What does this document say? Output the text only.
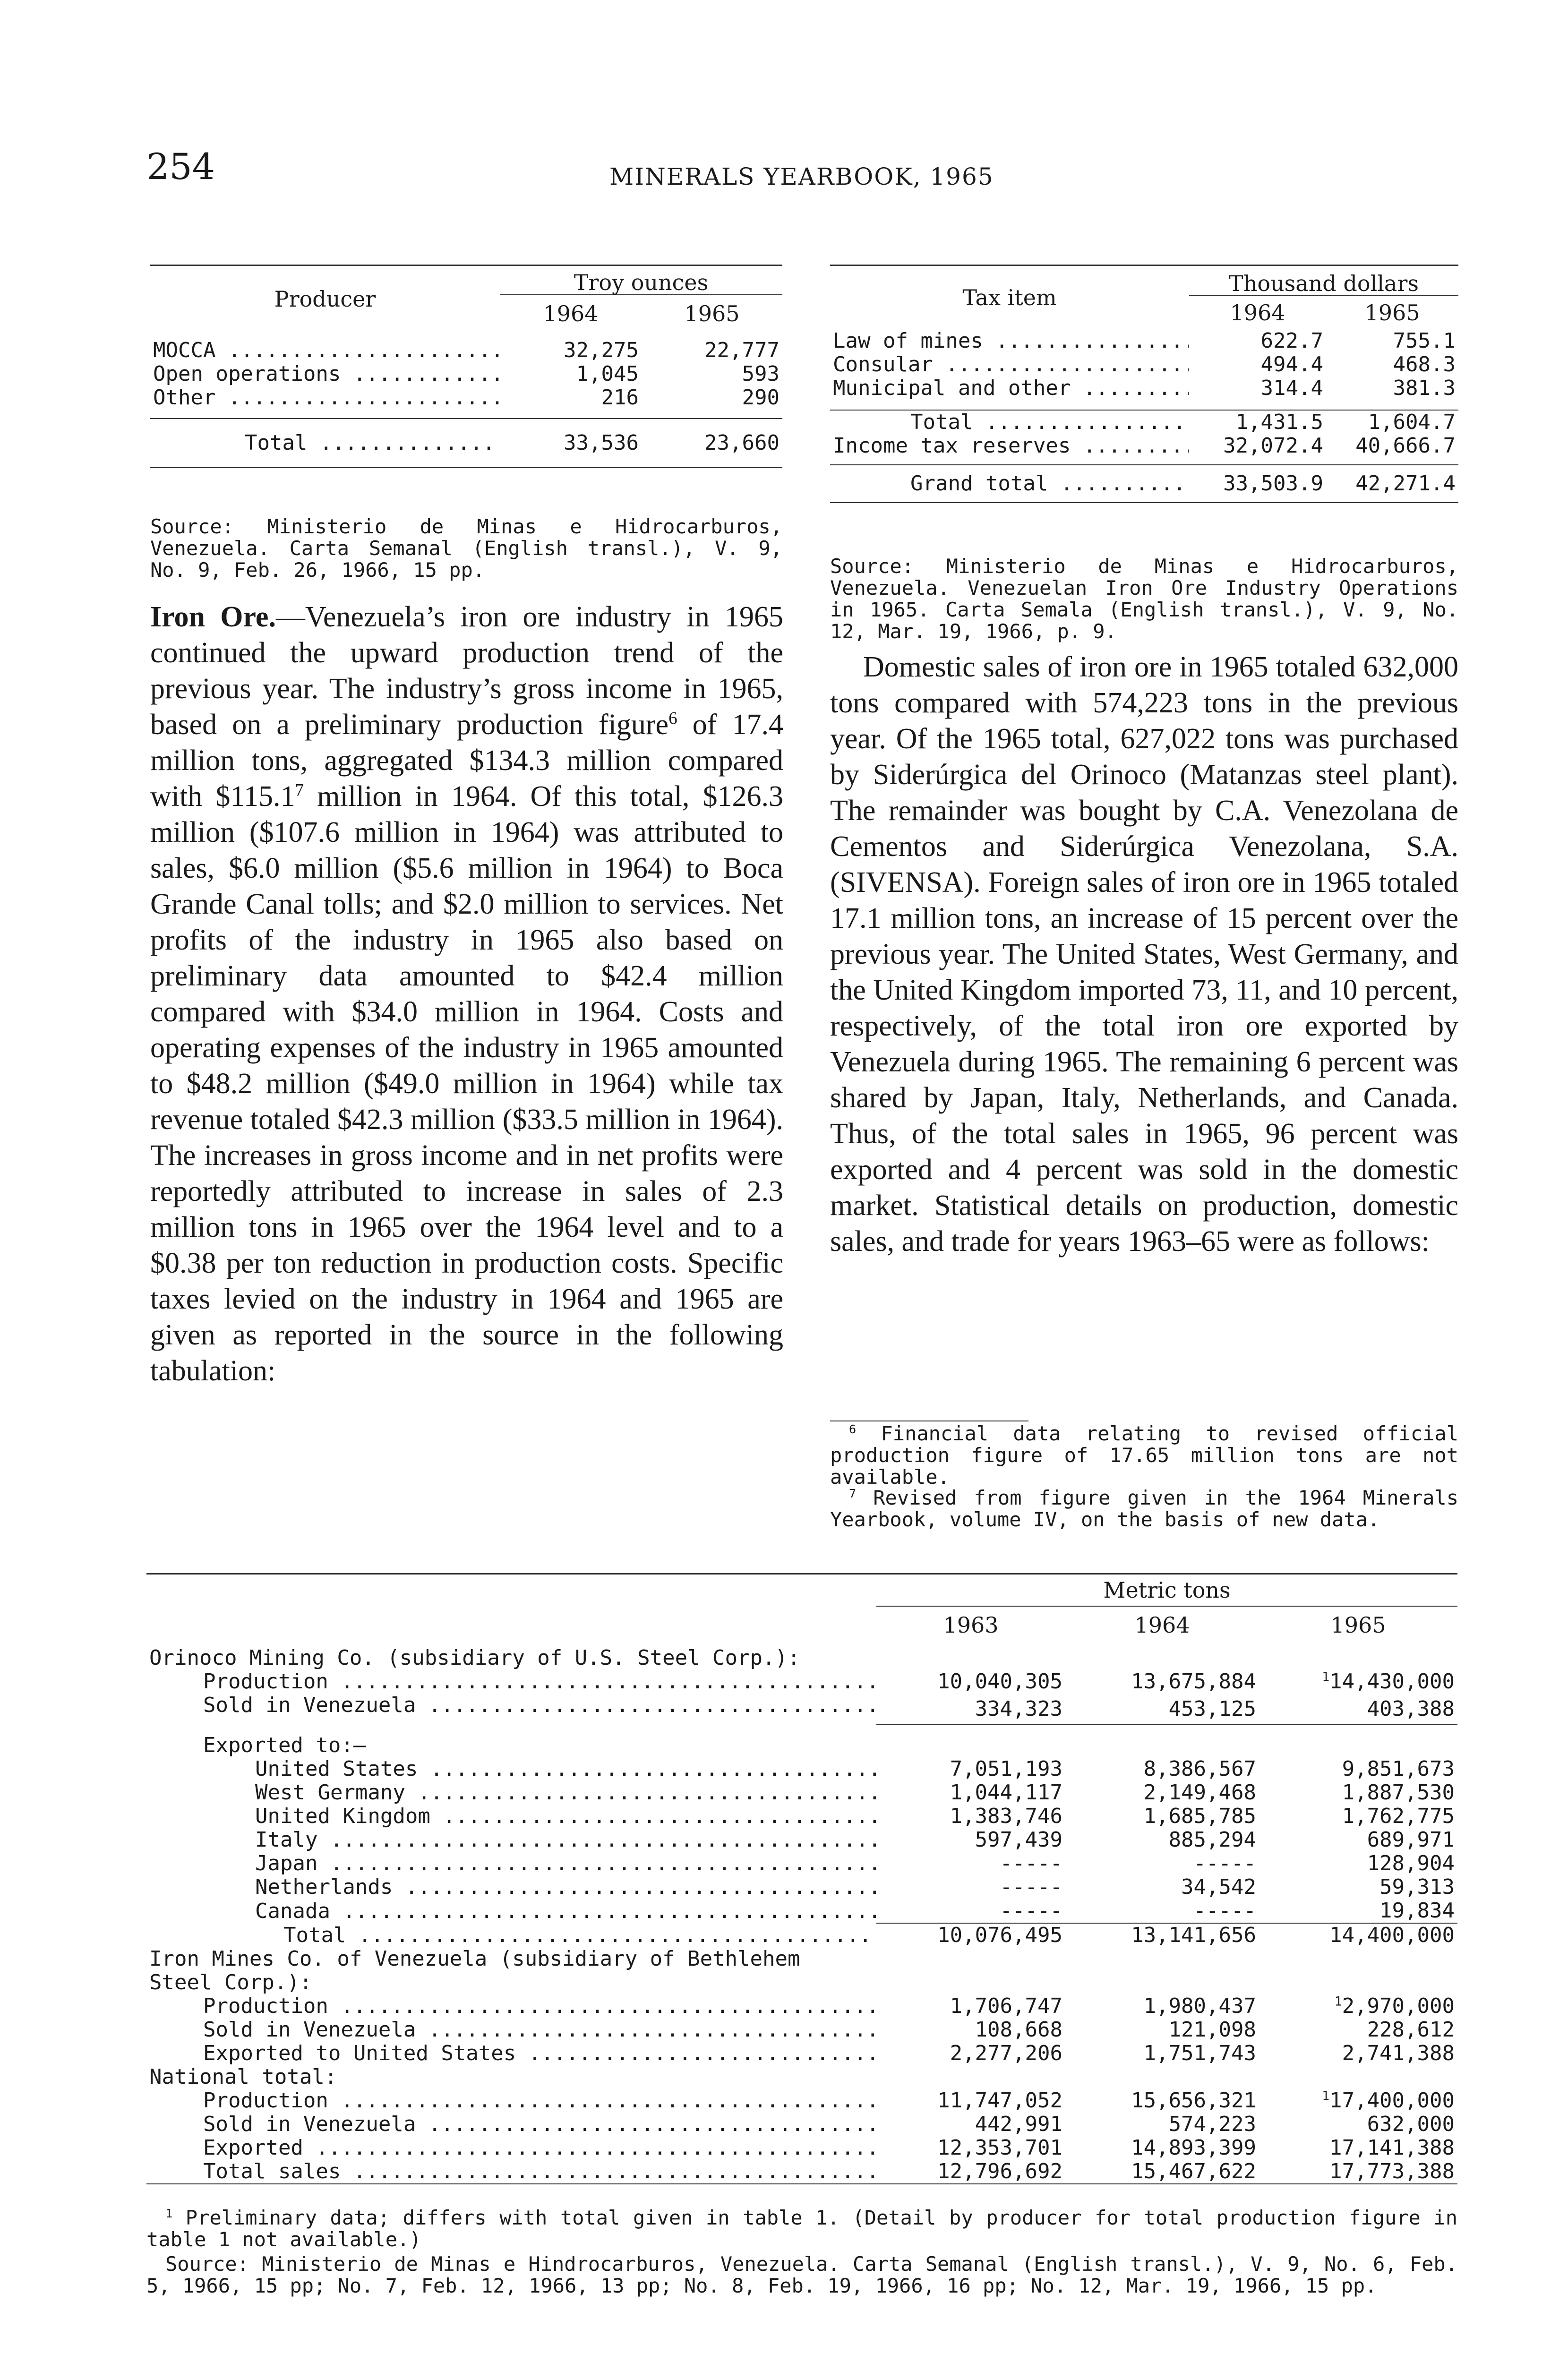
254	MINERALS YEARBOOK, 1965
Producer	Troy ounces	
	1964	1965
MOCCA .....	32,275	22,777
Open operations .....	1,045	593
Other .....	216	290
Total .....	33,536	23,660
Source: Ministerio de Minas e Hidrocarburos, Venezuela. Carta Semanal (English transl.), V. 9, No. 9, Feb. 26, 1966, 15 pp.
Tax item	Thousand dollars	
	1964	1965
Law of mines .....	622.7	755.1
Consular .....	494.4	468.3
Municipal and other .....	314.4	381.3
Total .....	1,431.5	1,604.7
Income tax reserves .....	32,072.4	40,666.7
Grand total .....	33,503.9	42,271.4
Source: Ministerio de Minas e Hidrocarburos, Venezuela. Venezuelan Iron Ore Industry Operations in 1965. Carta Semala (English transl.), V. 9, No. 12, Mar. 19, 1966, p. 9.
Iron Ore.—Venezuela’s iron ore industry in 1965 continued the upward production trend of the previous year. The industry’s gross income in 1965, based on a preliminary production figure$^6$ of 17.4 million tons, aggregated $134.3 million compared with $115.1$^7$ million in 1964. Of this total, $126.3 million ($107.6 million in 1964) was attributed to sales, $6.0 million ($5.6 million in 1964) to Boca Grande Canal tolls; and $2.0 million to services. Net profits of the industry in 1965 also based on preliminary data amounted to $42.4 million compared with $34.0 million in 1964. Costs and operating expenses of the industry in 1965 amounted to $48.2 million ($49.0 million in 1964) while tax revenue totaled $42.3 million ($33.5 million in 1964). The increases in gross income and in net profits were reportedly attributed to increase in sales of 2.3 million tons in 1965 over the 1964 level and to a $0.38 per ton reduction in production costs. Specific taxes levied on the industry in 1964 and 1965 are given as reported in the source in the following tabulation:
Domestic sales of iron ore in 1965 totaled 632,000 tons compared with 574,223 tons in the previous year. Of the 1965 total, 627,022 tons was purchased by Siderúrgica del Orinoco (Matanzas steel plant). The remainder was bought by C.A. Venezolana de Cementos and Siderúrgica Venezolana, S.A. (SIVENSA). Foreign sales of iron ore in 1965 totaled 17.1 million tons, an increase of 15 percent over the previous year. The United States, West Germany, and the United Kingdom imported 73, 11, and 10 percent, respectively, of the total iron ore exported by Venezuela during 1965. The remaining 6 percent was shared by Japan, Italy, Netherlands, and Canada. Thus, of the total sales in 1965, 96 percent was exported and 4 percent was sold in the domestic market. Statistical details on production, domestic sales, and trade for years 1963–65 were as follows:
$^6$ Financial data relating to revised official production figure of 17.65 million tons are not available.
$^7$ Revised from figure given in the 1964 Minerals Yearbook, volume IV, on the basis of new data.
	Metric tons		
	1963	1964	1965
Orinoco Mining Co. (subsidiary of U.S. Steel Corp.):			
Production .....	10,040,305	13,675,884	$^1$14,430,000
Sold in Venezuela .....	334,323	453,125	403,388
Exported to:—			
United States .....	7,051,193	8,386,567	9,851,673
West Germany .....	1,044,117	2,149,468	1,887,530
United Kingdom .....	1,383,746	1,685,785	1,762,775
Italy .....	597,439	885,294	689,971
Japan .....	-----	-----	128,904
Netherlands .....	-----	34,542	59,313
Canada .....	-----	-----	19,834
Total .....	10,076,495	13,141,656	14,400,000
Iron Mines Co. of Venezuela (subsidiary of Bethlehem Steel Corp.):			
Production .....	1,706,747	1,980,437	$^1$2,970,000
Sold in Venezuela .....	108,668	121,098	228,612
Exported to United States .....	2,277,206	1,751,743	2,741,388
National total:			
Production .....	11,747,052	15,656,321	$^1$17,400,000
Sold in Venezuela .....	442,991	574,223	632,000
Exported .....	12,353,701	14,893,399	17,141,388
Total sales .....	12,796,692	15,467,622	17,773,388
$^1$ Preliminary data; differs with total given in table 1. (Detail by producer for total production figure in table 1 not available.)
Source: Ministerio de Minas e Hindrocarburos, Venezuela. Carta Semanal (English transl.), V. 9, No. 6, Feb. 5, 1966, 15 pp; No. 7, Feb. 12, 1966, 13 pp; No. 8, Feb. 19, 1966, 16 pp; No. 12, Mar. 19, 1966, 15 pp.
